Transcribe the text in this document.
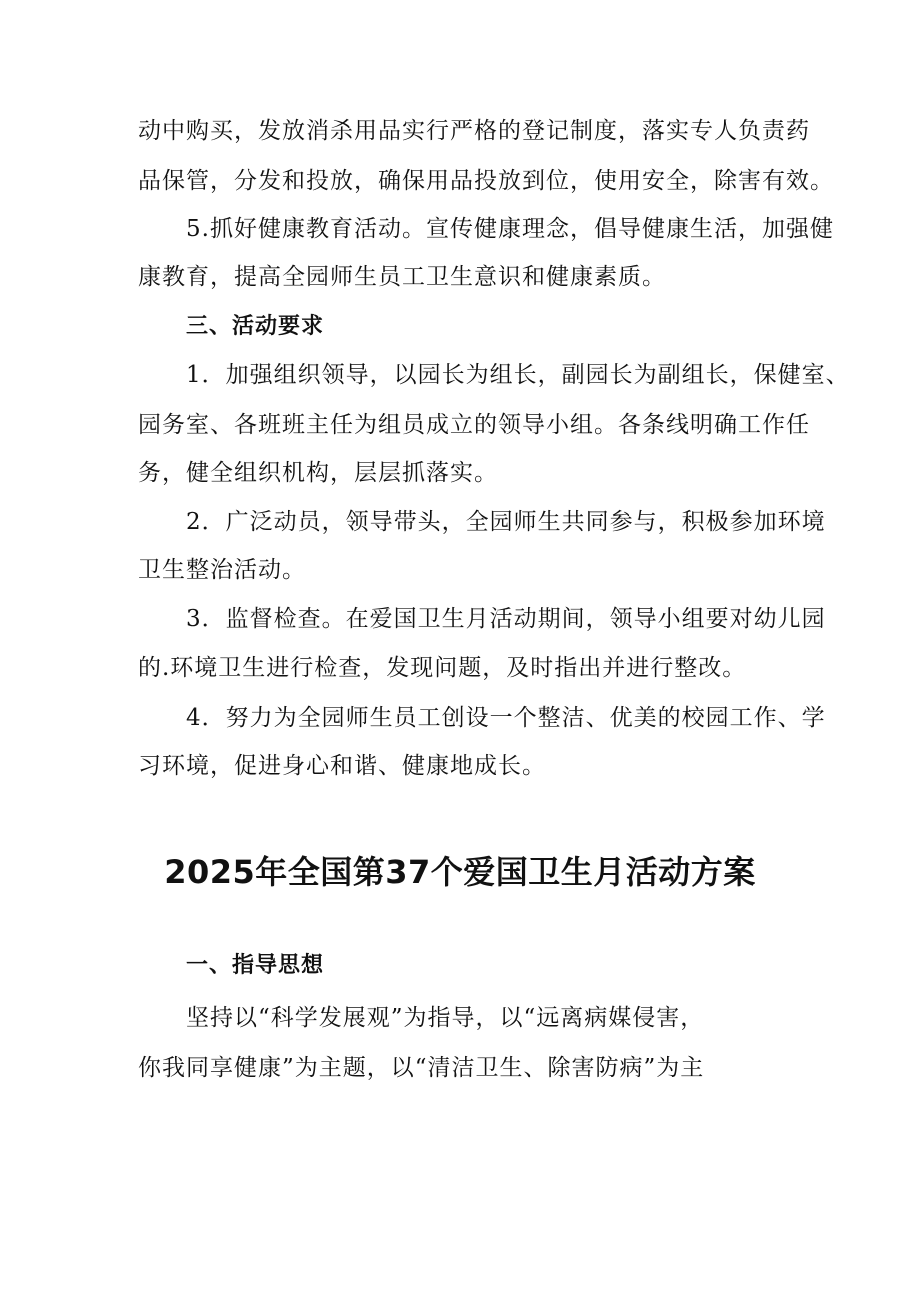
动中购买，发放消杀用品实行严格的登记制度，落实专人负责药

品保管，分发和投放，确保用品投放到位，使用安全，除害有效。

5.抓好健康教育活动。宣传健康理念，倡导健康生活，加强健

康教育，提高全园师生员工卫生意识和健康素质。

三、活动要求

1．加强组织领导，以园长为组长，副园长为副组长，保健室、

园务室、各班班主任为组员成立的领导小组。各条线明确工作任

务，健全组织机构，层层抓落实。

2．广泛动员，领导带头，全园师生共同参与，积极参加环境

卫生整治活动。

3．监督检查。在爱国卫生月活动期间，领导小组要对幼儿园

的.环境卫生进行检查，发现问题，及时指出并进行整改。

4．努力为全园师生员工创设一个整洁、优美的校园工作、学

习环境，促进身心和谐、健康地成长。

2025年全国第37个爱国卫生月活动方案

一、指导思想

坚持以“科学发展观”为指导，以“远离病媒侵害，

你我同享健康”为主题，以“清洁卫生、除害防病”为主
